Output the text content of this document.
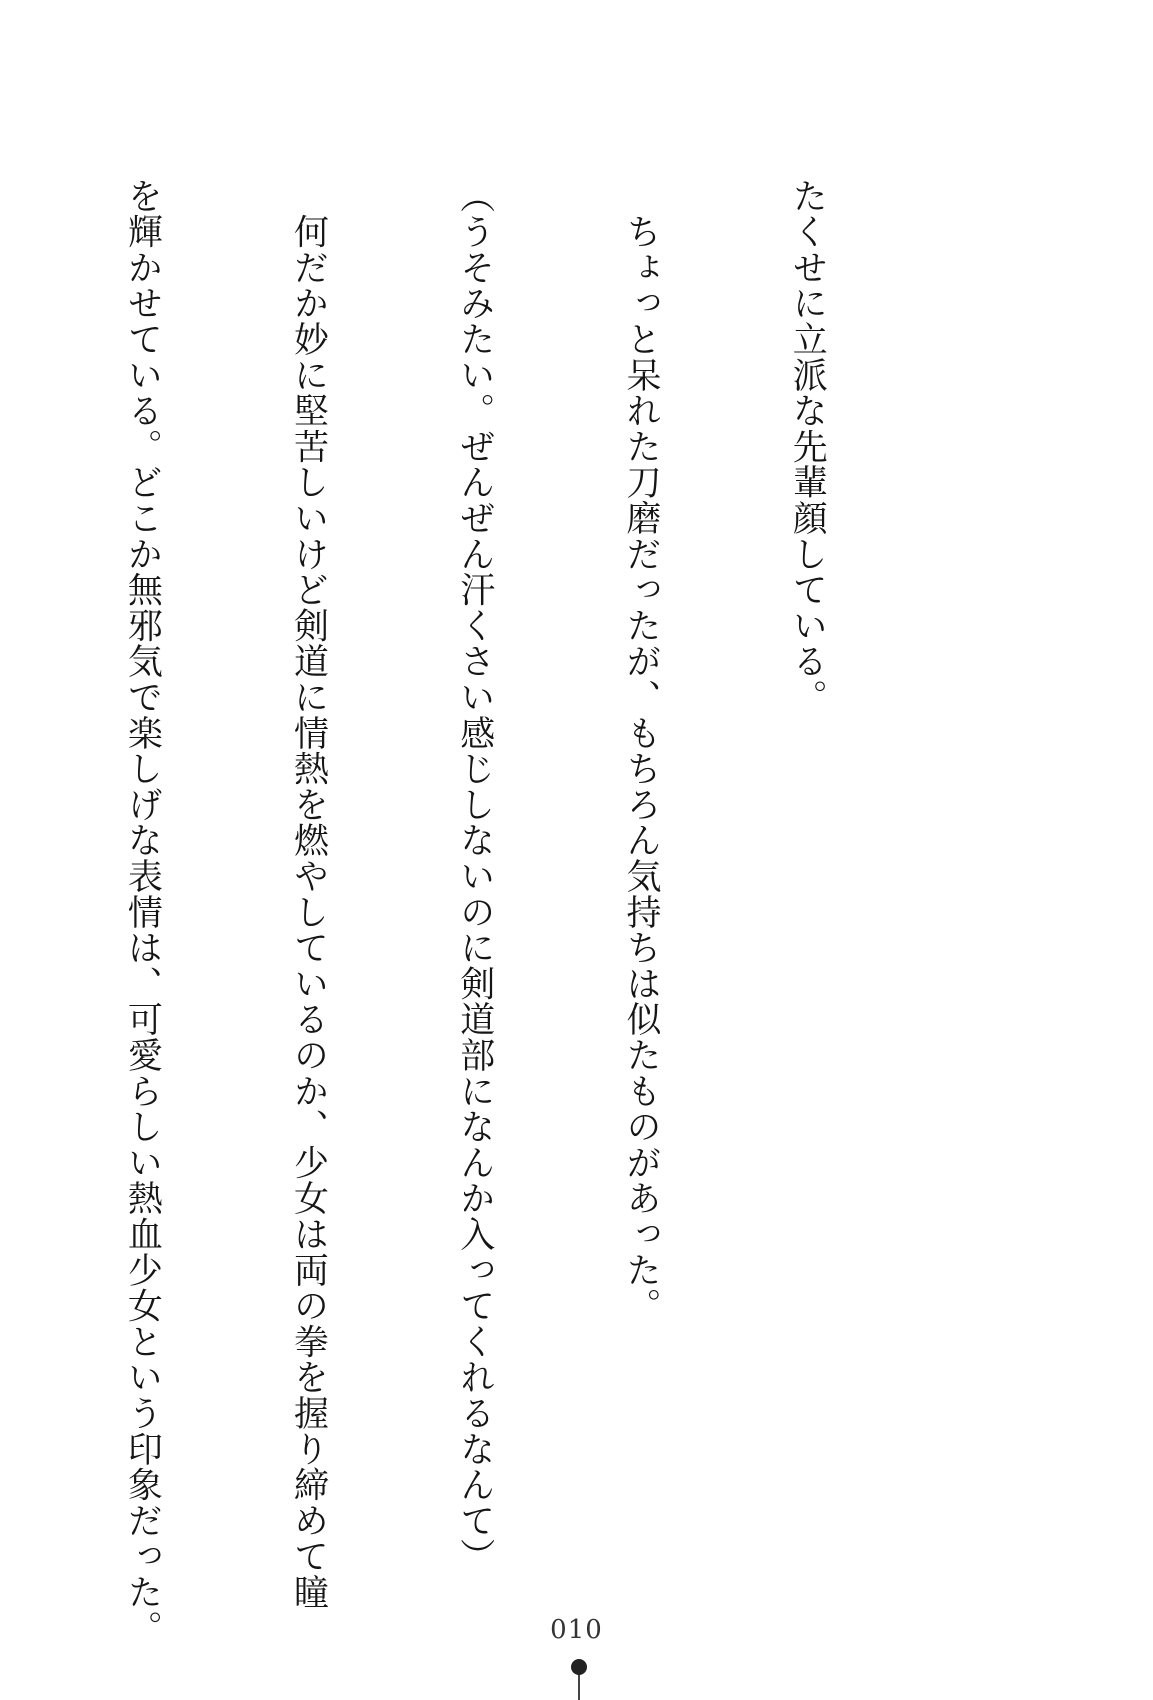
たくせに立派な先輩顔している。

　ちょっと呆れた刀磨だったが、もちろん気持ちは似たものがあった。

（うそみたい。ぜんぜん汗くさい感じしないのに剣道部になんか入ってくれるなんて）

　何だか妙に堅苦しいけど剣道に情熱を燃やしているのか、少女は両の拳を握り締めて瞳

を輝かせている。どこか無邪気で楽しげな表情は、可愛らしい熱血少女という印象だった。

	010
